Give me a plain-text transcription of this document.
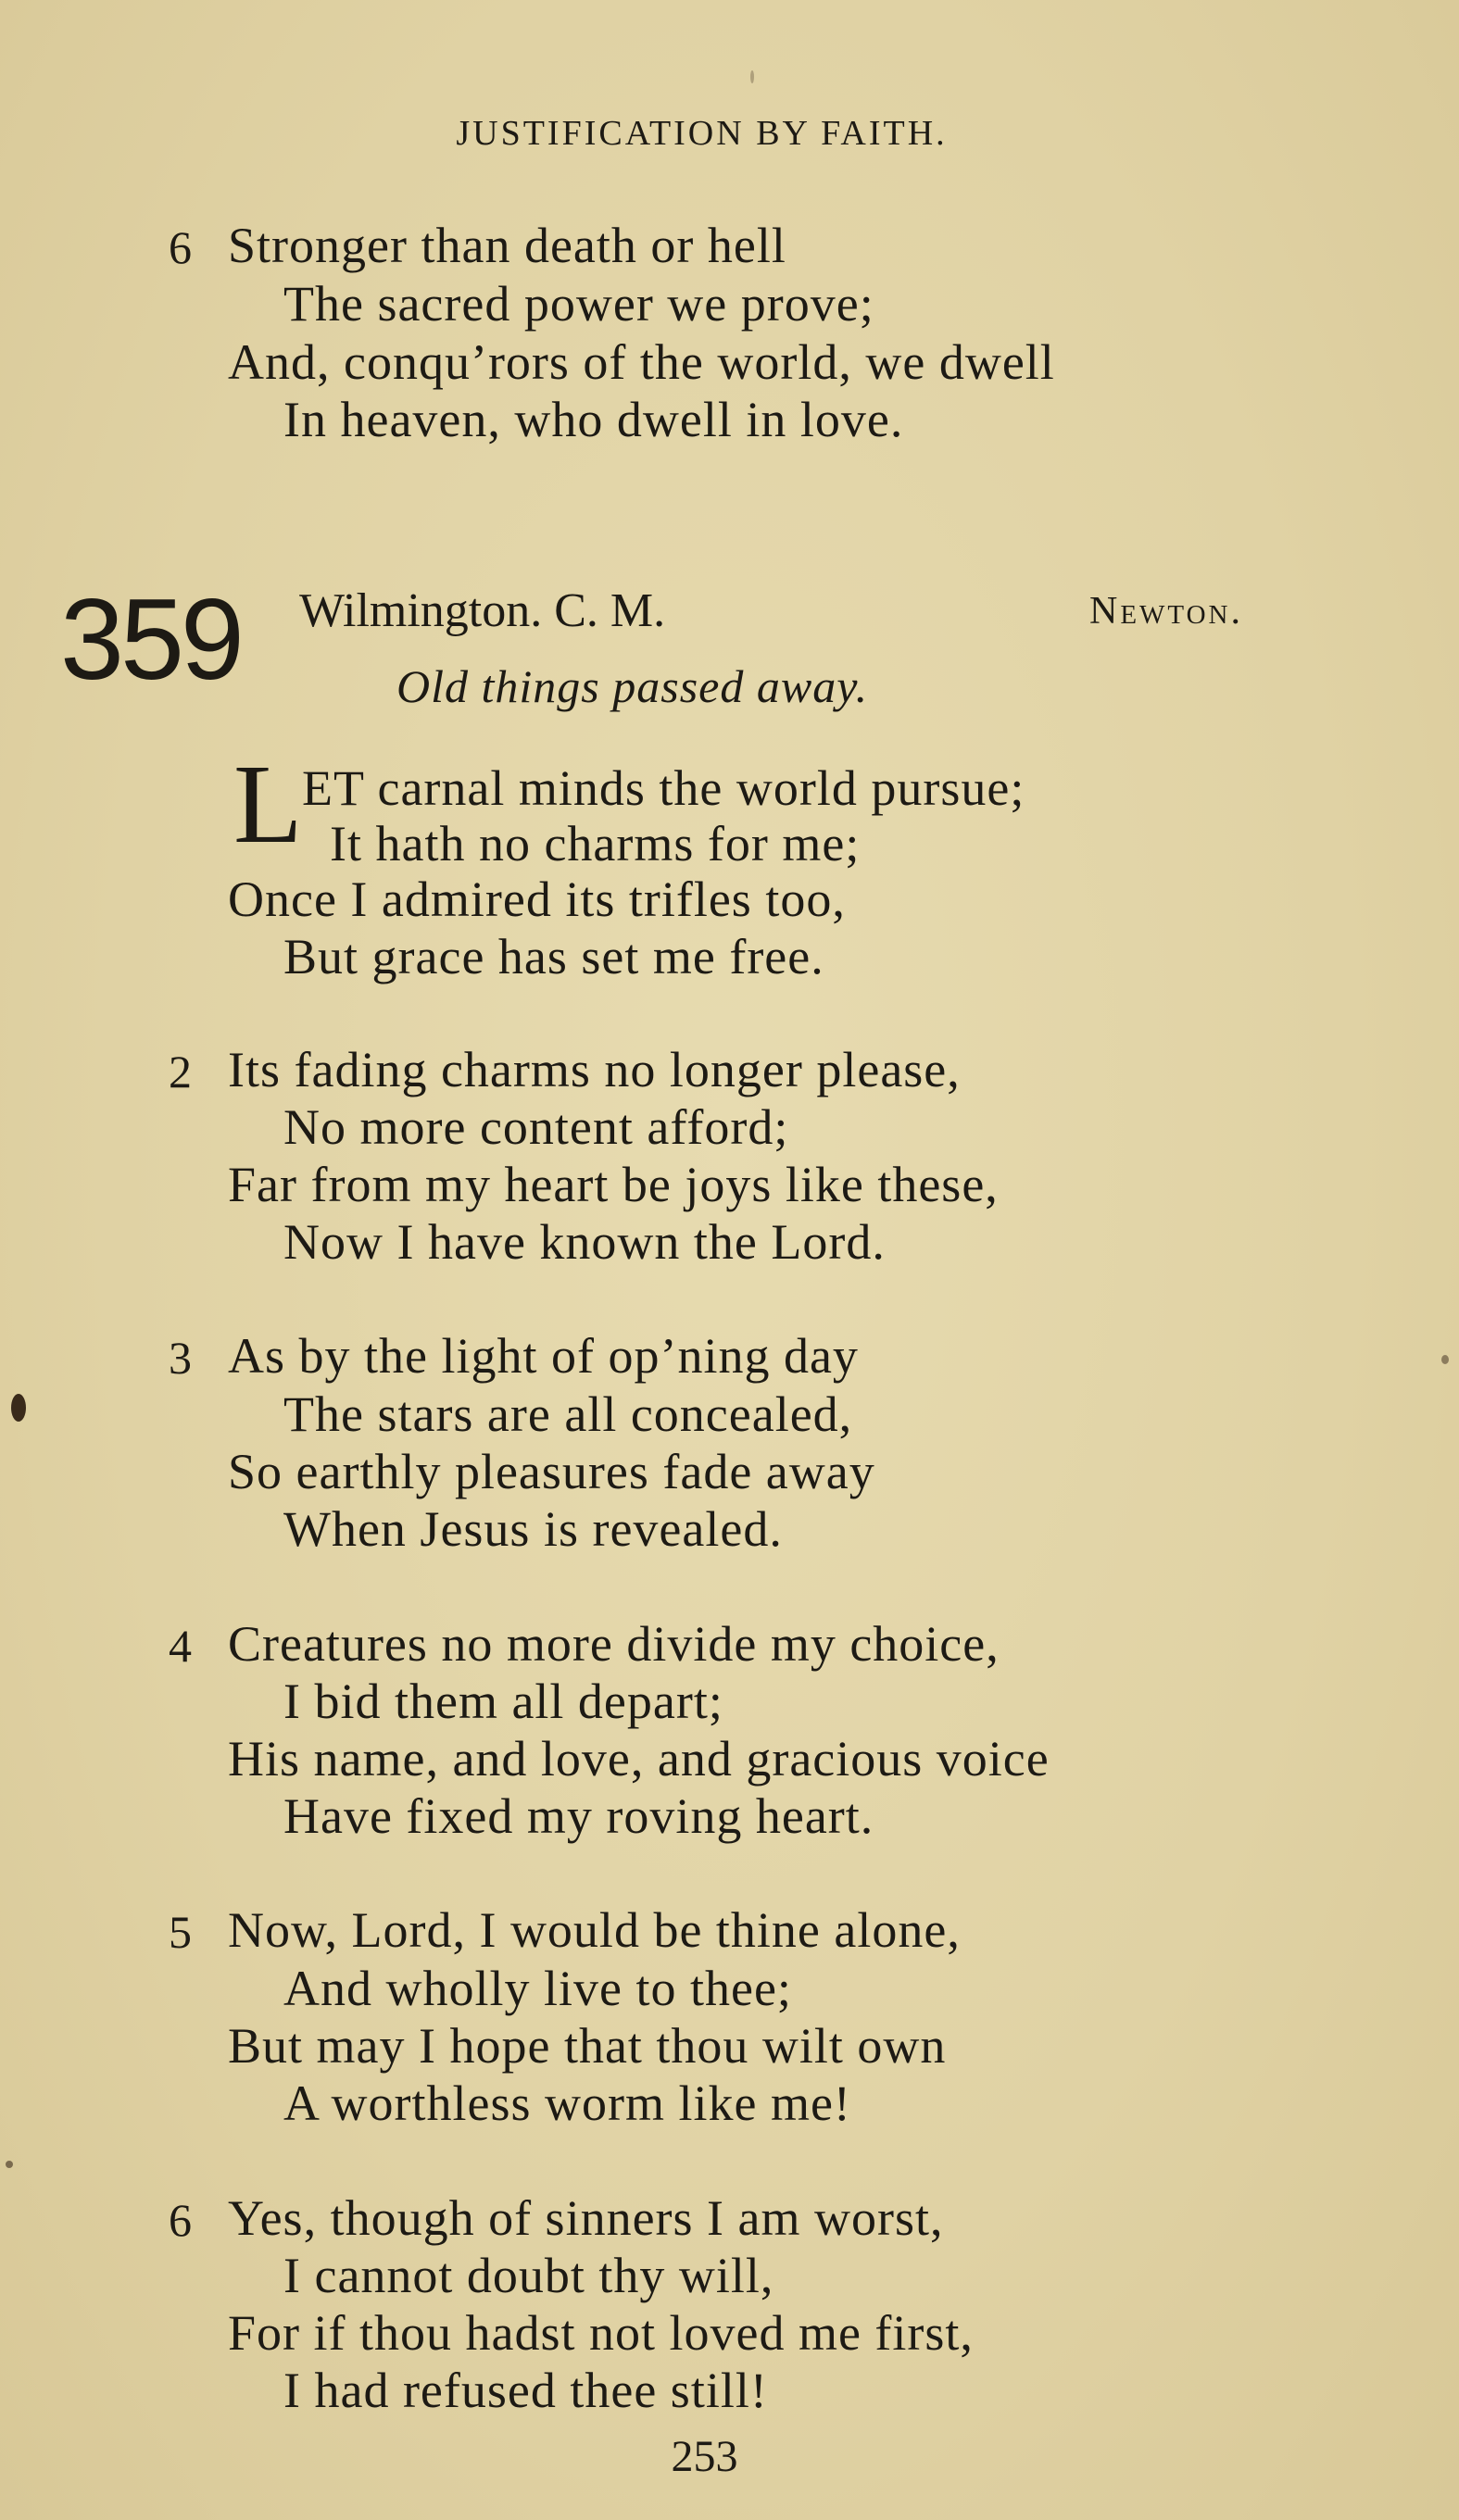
JUSTIFICATION BY FAITH.
6 Stronger than death or hell
The sacred power we prove;
And, conqu’rors of the world, we dwell
In heaven, who dwell in love.
359 Wilmington. C. M.	Newton.
Old things passed away.
L ET carnal minds the world pursue;
It hath no charms for me;
Once I admired its trifles too,
But grace has set me free.
2 Its fading charms no longer please,
No more content afford;
Far from my heart be joys like these,
Now I have known the Lord.
3 As by the light of op’ning day
The stars are all concealed,
So earthly pleasures fade away
When Jesus is revealed.
4 Creatures no more divide my choice,
I bid them all depart;
His name, and love, and gracious voice
Have fixed my roving heart.
5 Now, Lord, I would be thine alone,
And wholly live to thee;
But may I hope that thou wilt own
A worthless worm like me!
6 Yes, though of sinners I am worst,
I cannot doubt thy will,
For if thou hadst not loved me first,
I had refused thee still!
253
